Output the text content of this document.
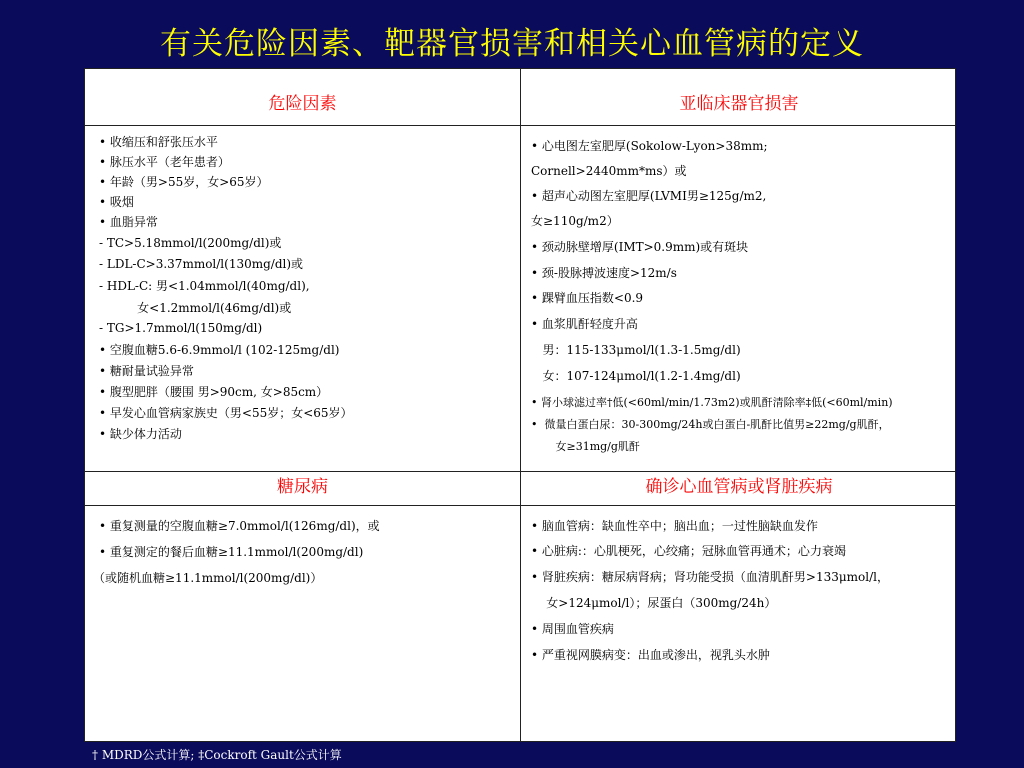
有关危险因素、靶器官损害和相关心血管病的定义
危险因素	亚临床器官损害
糖尿病	确诊心血管病或肾脏疾病
• 收缩压和舒张压水平
• 脉压水平（老年患者）
• 年龄（男>55岁，女>65岁）
• 吸烟
• 血脂异常
- TC>5.18mmol/l(200mg/dl)或
- LDL-C>3.37mmol/l(130mg/dl)或
- HDL-C: 男<1.04mmol/l(40mg/dl),
女<1.2mmol/l(46mg/dl)或
- TG>1.7mmol/l(150mg/dl)
• 空腹血糖5.6-6.9mmol/l (102-125mg/dl)
• 糖耐量试验异常
• 腹型肥胖（腰围 男>90cm, 女>85cm）
• 早发心血管病家族史（男<55岁；女<65岁）
• 缺少体力活动
• 心电图左室肥厚(Sokolow-Lyon>38mm;
Cornell>2440mm*ms）或
• 超声心动图左室肥厚(LVMI男≥125g/m2,
女≥110g/m2）
• 颈动脉壁增厚(IMT>0.9mm)或有斑块
• 颈-股脉搏波速度>12m/s
• 踝臂血压指数<0.9
• 血浆肌酐轻度升高
男：115-133μmol/l(1.3-1.5mg/dl)
女：107-124μmol/l(1.2-1.4mg/dl)
• 肾小球滤过率†低(<60ml/min/1.73m2)或肌酐清除率‡低(<60ml/min)
•  微量白蛋白尿：30-300mg/24h或白蛋白-肌酐比值男≥22mg/g肌酐，
女≥31mg/g肌酐
• 重复测量的空腹血糖≥7.0mmol/l(126mg/dl)，或
• 重复测定的餐后血糖≥11.1mmol/l(200mg/dl)
（或随机血糖≥11.1mmol/l(200mg/dl)）
• 脑血管病：缺血性卒中；脑出血；一过性脑缺血发作
• 心脏病:：心肌梗死，心绞痛；冠脉血管再通术；心力衰竭
• 肾脏疾病：糖尿病肾病；肾功能受损（血清肌酐男>133μmol/l，
女>124μmol/l）；尿蛋白（300mg/24h）
• 周围血管疾病
• 严重视网膜病变：出血或渗出，视乳头水肿
† MDRD公式计算; ‡Cockroft Gault公式计算
